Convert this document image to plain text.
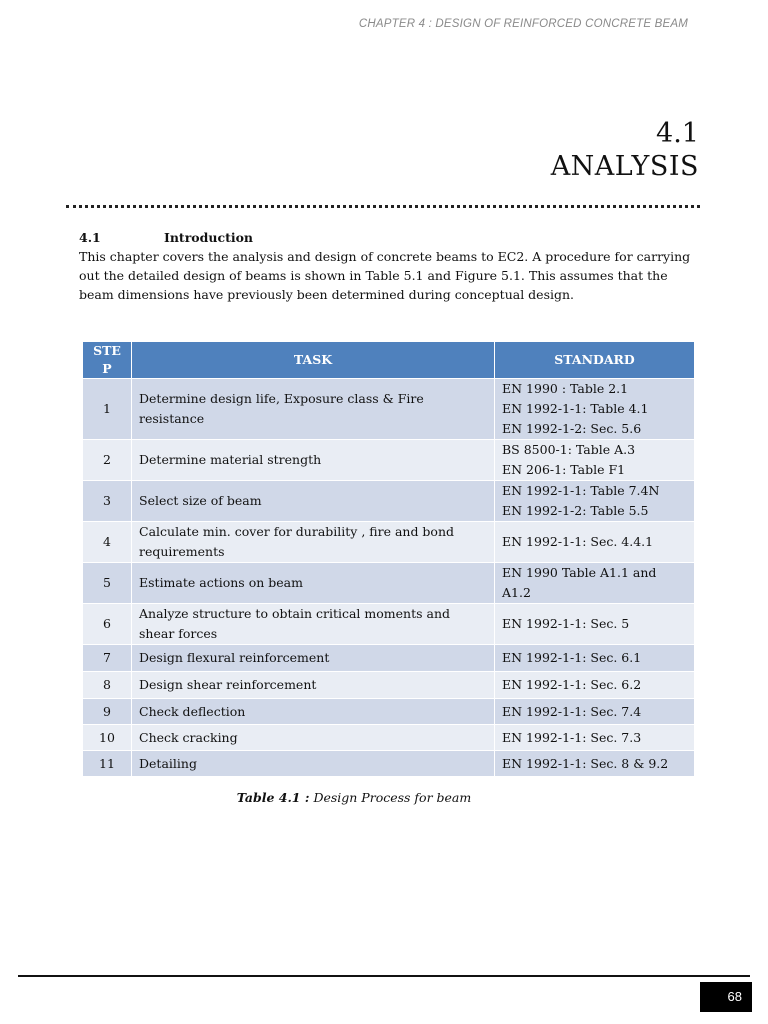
CHAPTER 4 : DESIGN OF REINFORCED CONCRETE BEAM
4.1
ANALYSIS
4.1	Introduction

This chapter covers the analysis and design of concrete beams to EC2. A procedure for carrying out the detailed design of beams is shown in Table 5.1 and Figure 5.1. This assumes that the beam dimensions have previously been determined during conceptual design.

STEP	TASK	STANDARD
1	Determine design life, Exposure class & Fire resistance	EN 1990 : Table 2.1
EN 1992-1-1: Table 4.1
EN 1992-1-2: Sec. 5.6

2	Determine material strength	BS 8500-1: Table A.3
EN 206-1: Table F1

3	Select size of beam	EN 1992-1-1: Table 7.4N
EN 1992-1-2: Table 5.5

4	Calculate min. cover for durability , fire and bond requirements	EN 1992-1-1: Sec. 4.4.1

5	Estimate actions on beam	EN 1990 Table A1.1 and A1.2

6	Analyze structure to obtain critical moments and shear forces	EN 1992-1-1: Sec. 5

7	Design flexural reinforcement	EN 1992-1-1: Sec. 6.1

8	Design shear reinforcement	EN 1992-1-1: Sec. 6.2

9	Check deflection	EN 1992-1-1: Sec. 7.4

10	Check cracking	EN 1992-1-1: Sec. 7.3

11	Detailing	EN 1992-1-1: Sec. 8 & 9.2
Table 4.1 : Design Process for beam
68
